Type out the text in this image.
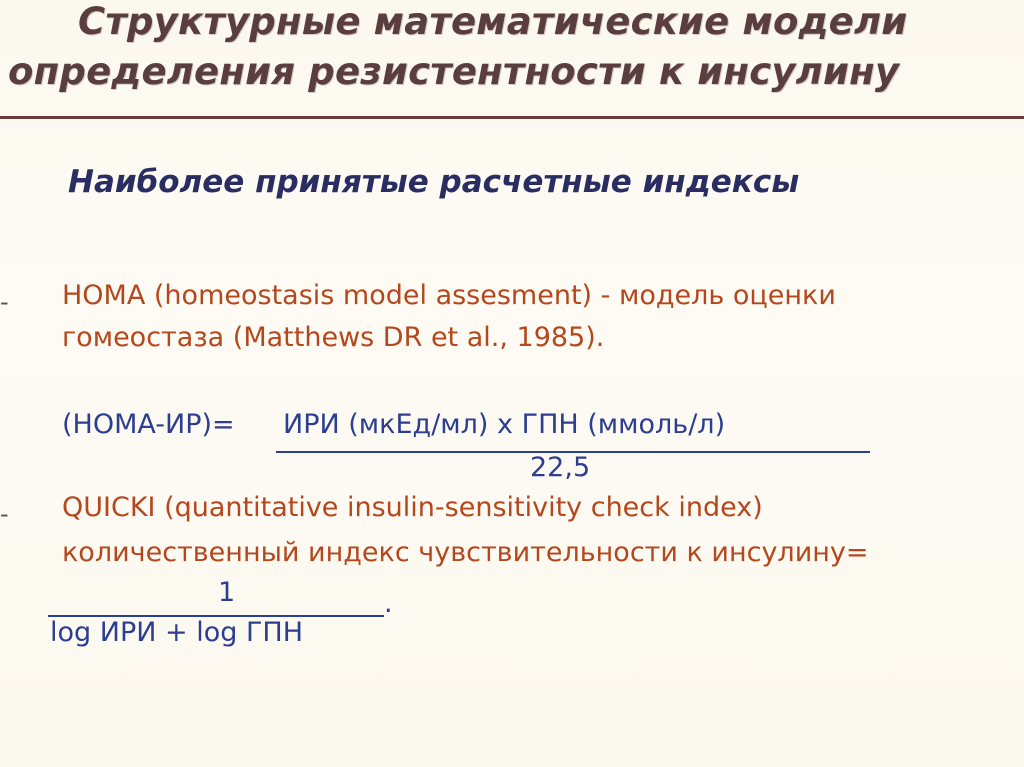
Структурные математические модели
определения резистентности к инсулину
Наиболее принятые расчетные индексы
- HOMA (homeostasis model assesment) - модель оценки
гомеостаза (Matthews DR et al., 1985).
(HOMA-ИР)= ИРИ (мкЕд/мл) х ГПН (ммоль/л)
22,5
- QUICKI (quantitative insulin-sensitivity check index)
количественный индекс чувствительности к инсулину=
1	.
log ИРИ + log ГПН
